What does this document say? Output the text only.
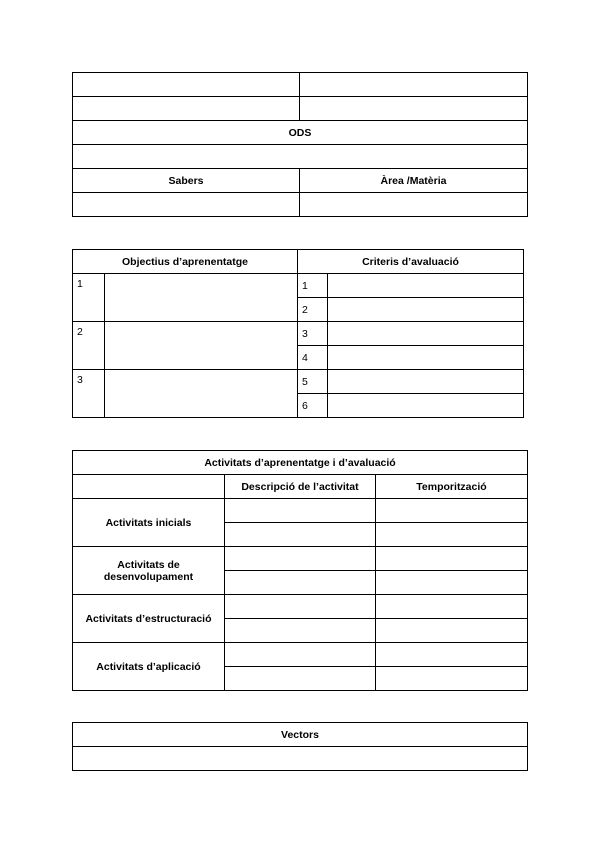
ODS	

Sabers	Àrea /Matèria

Objectius d’aprenentatge		Criteris d’avaluació	
1		1	
		2	
2		3	
		4	
3		5	
		6	
Activitats d’aprenentatge i d’avaluació		
	Descripció de l’activitat	Temporització
Activitats inicials		

Activitats de desenvolupament		

Activitats d’estructuració		

Activitats d’aplicació		

Vectors
